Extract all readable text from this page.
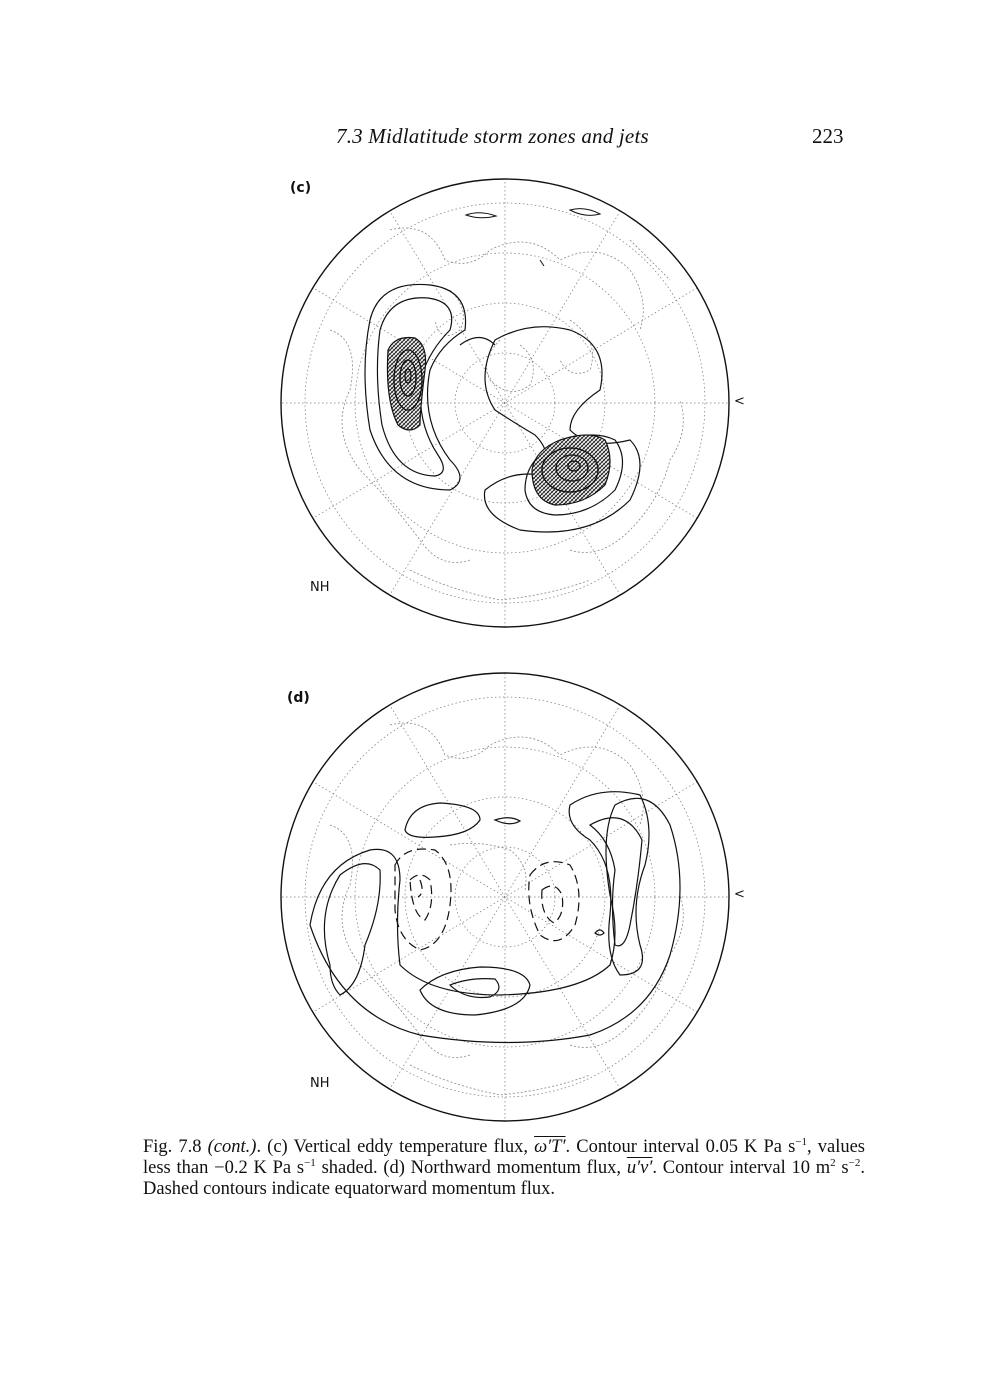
7.3 Midlatitude storm zones and jets	223
(c)
NH
<
(d)
NH
<

Fig. 7.8 (cont.). (c) Vertical eddy temperature flux, ω′T′. Contour interval 0.05 K Pa $s^{-1}$, values less than −0.2 K Pa $s^{-1}$ shaded. (d) Northward momentum flux, u′v′. Contour interval 10 $m^2$ $s^{-2}$. Dashed contours indicate equatorward momentum flux.
